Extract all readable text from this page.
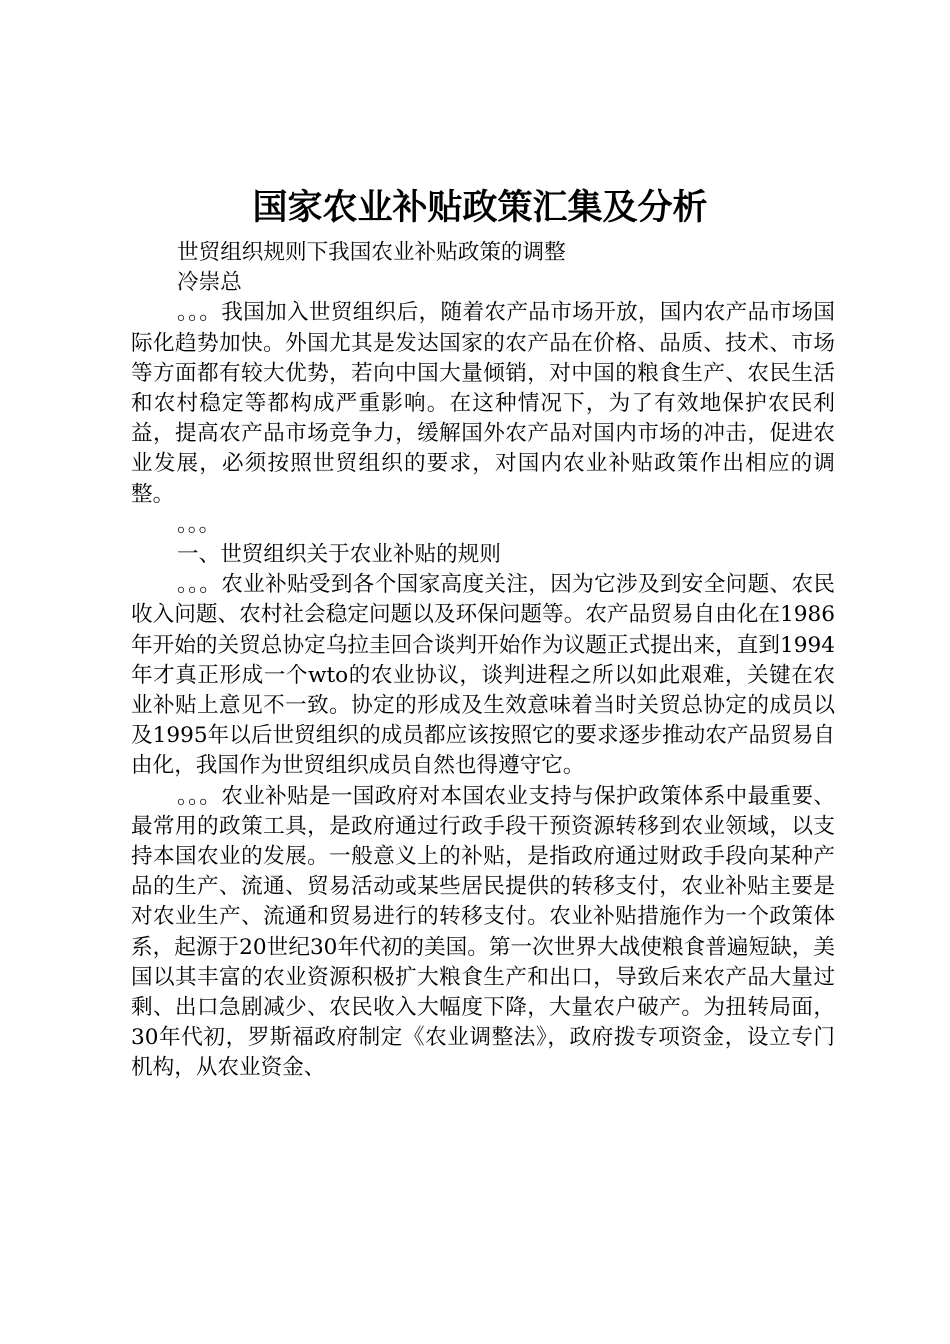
国家农业补贴政策汇集及分析

世贸组织规则下我国农业补贴政策的调整

冷崇总

。。。我国加入世贸组织后，随着农产品市场开放，国内农产品市场国际化趋势加快。外国尤其是发达国家的农产品在价格、品质、技术、市场等方面都有较大优势，若向中国大量倾销，对中国的粮食生产、农民生活和农村稳定等都构成严重影响。在这种情况下，为了有效地保护农民利益，提高农产品市场竞争力，缓解国外农产品对国内市场的冲击，促进农业发展，必须按照世贸组织的要求，对国内农业补贴政策作出相应的调整。

。。。

一、世贸组织关于农业补贴的规则

。。。农业补贴受到各个国家高度关注，因为它涉及到安全问题、农民收入问题、农村社会稳定问题以及环保问题等。农产品贸易自由化在1986年开始的关贸总协定乌拉圭回合谈判开始作为议题正式提出来，直到1994年才真正形成一个wto的农业协议，谈判进程之所以如此艰难，关键在农业补贴上意见不一致。协定的形成及生效意味着当时关贸总协定的成员以及1995年以后世贸组织的成员都应该按照它的要求逐步推动农产品贸易自由化，我国作为世贸组织成员自然也得遵守它。

。。。农业补贴是一国政府对本国农业支持与保护政策体系中最重要、最常用的政策工具，是政府通过行政手段干预资源转移到农业领域，以支持本国农业的发展。一般意义上的补贴，是指政府通过财政手段向某种产品的生产、流通、贸易活动或某些居民提供的转移支付，农业补贴主要是对农业生产、流通和贸易进行的转移支付。农业补贴措施作为一个政策体系，起源于20世纪30年代初的美国。第一次世界大战使粮食普遍短缺，美国以其丰富的农业资源积极扩大粮食生产和出口，导致后来农产品大量过剩、出口急剧减少、农民收入大幅度下降，大量农户破产。为扭转局面，30年代初，罗斯福政府制定《农业调整法》，政府拨专项资金，设立专门机构，从农业资金、
